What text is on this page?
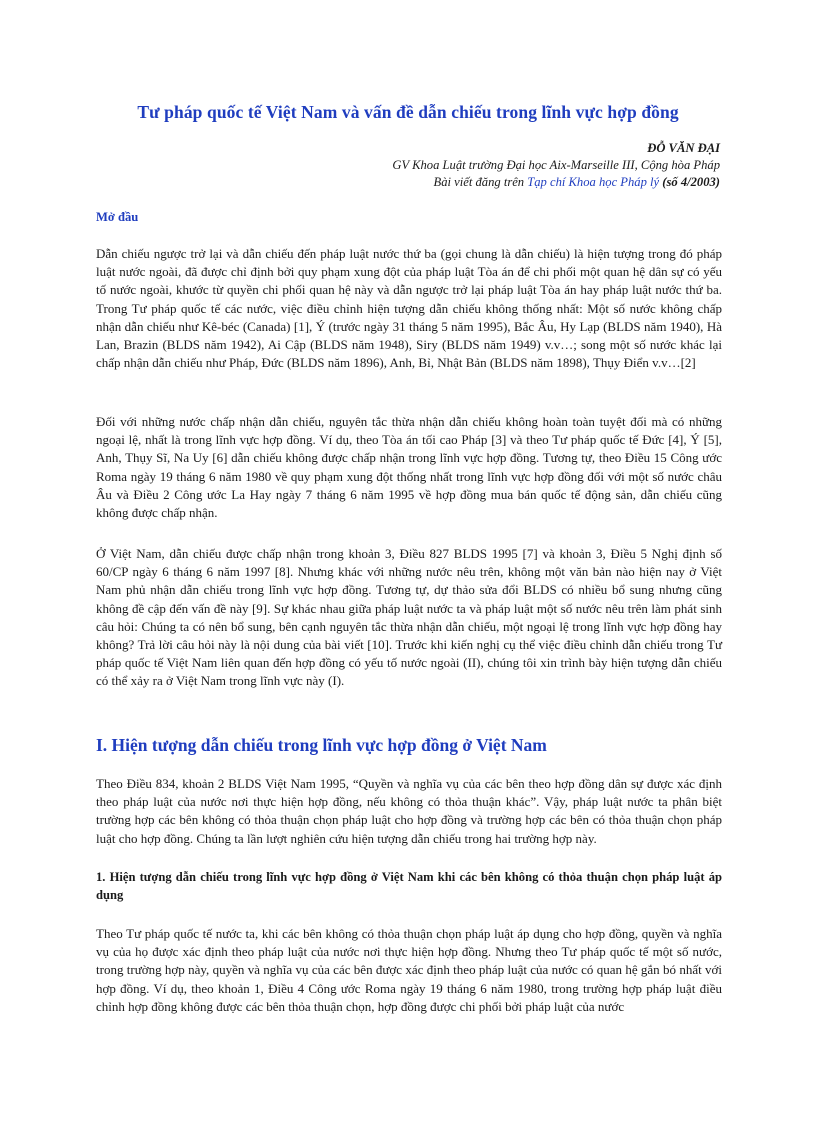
Tư pháp quốc tế Việt Nam và vấn đề dẫn chiếu trong lĩnh vực hợp đồng
ĐỖ VĂN ĐẠI
GV Khoa Luật trường Đại học Aix-Marseille III, Cộng hòa Pháp
Bài viết đăng trên Tạp chí Khoa học Pháp lý (số 4/2003)
Mở đầu

Dẫn chiếu ngược trở lại và dẫn chiếu đến pháp luật nước thứ ba (gọi chung là dẫn chiếu) là hiện tượng trong đó pháp luật nước ngoài, đã được chỉ định bởi quy phạm xung đột của pháp luật Tòa án để chi phối một quan hệ dân sự có yếu tố nước ngoài, khước từ quyền chi phối quan hệ này và dẫn ngược trở lại pháp luật Tòa án hay pháp luật nước thứ ba. Trong Tư pháp quốc tế các nước, việc điều chỉnh hiện tượng dẫn chiếu không thống nhất: Một số nước không chấp nhận dẫn chiếu như Kê-béc (Canada) [1], Ý (trước ngày 31 tháng 5 năm 1995), Bắc Âu, Hy Lạp (BLDS năm 1940), Hà Lan, Brazin (BLDS năm 1942), Ai Cập (BLDS năm 1948), Siry (BLDS năm 1949) v.v…; song một số nước khác lại chấp nhận dẫn chiếu như Pháp, Đức (BLDS năm 1896), Anh, Bỉ, Nhật Bản (BLDS năm 1898), Thụy Điển v.v…[2]

Đối với những nước chấp nhận dẫn chiếu, nguyên tắc thừa nhận dẫn chiếu không hoàn toàn tuyệt đối mà có những ngoại lệ, nhất là trong lĩnh vực hợp đồng. Ví dụ, theo Tòa án tối cao Pháp [3] và theo Tư pháp quốc tế Đức [4], Ý [5], Anh, Thụy Sĩ, Na Uy [6] dẫn chiếu không được chấp nhận trong lĩnh vực hợp đồng. Tương tự, theo Điều 15 Công ước Roma ngày 19 tháng 6 năm 1980 về quy phạm xung đột thống nhất trong lĩnh vực hợp đồng đối với một số nước châu Âu và Điều 2 Công ước La Hay ngày 7 tháng 6 năm 1995 về hợp đồng mua bán quốc tế động sản, dẫn chiếu cũng không được chấp nhận.

Ở Việt Nam, dẫn chiếu được chấp nhận trong khoản 3, Điều 827 BLDS 1995 [7] và khoản 3, Điều 5 Nghị định số 60/CP ngày 6 tháng 6 năm 1997 [8]. Nhưng khác với những nước nêu trên, không một văn bản nào hiện nay ở Việt Nam phủ nhận dẫn chiếu trong lĩnh vực hợp đồng. Tương tự, dự thảo sửa đổi BLDS có nhiều bổ sung nhưng cũng không đề cập đến vấn đề này [9]. Sự khác nhau giữa pháp luật nước ta và pháp luật một số nước nêu trên làm phát sinh câu hỏi: Chúng ta có nên bổ sung, bên cạnh nguyên tắc thừa nhận dẫn chiếu, một ngoại lệ trong lĩnh vực hợp đồng hay không? Trả lời câu hỏi này là nội dung của bài viết [10]. Trước khi kiến nghị cụ thể việc điều chỉnh dẫn chiếu trong Tư pháp quốc tế Việt Nam liên quan đến hợp đồng có yếu tố nước ngoài (II), chúng tôi xin trình bày hiện tượng dẫn chiếu có thể xảy ra ở Việt Nam trong lĩnh vực này (I).

I. Hiện tượng dẫn chiếu trong lĩnh vực hợp đồng ở Việt Nam

Theo Điều 834, khoản 2 BLDS Việt Nam 1995, “Quyền và nghĩa vụ của các bên theo hợp đồng dân sự được xác định theo pháp luật của nước nơi thực hiện hợp đồng, nếu không có thỏa thuận khác”. Vậy, pháp luật nước ta phân biệt trường hợp các bên không có thỏa thuận chọn pháp luật cho hợp đồng và trường hợp các bên có thỏa thuận chọn pháp luật cho hợp đồng. Chúng ta lần lượt nghiên cứu hiện tượng dẫn chiếu trong hai trường hợp này.

1. Hiện tượng dẫn chiếu trong lĩnh vực hợp đồng ở Việt Nam khi các bên không có thỏa thuận chọn pháp luật áp dụng

Theo Tư pháp quốc tế nước ta, khi các bên không có thỏa thuận chọn pháp luật áp dụng cho hợp đồng, quyền và nghĩa vụ của họ được xác định theo pháp luật của nước nơi thực hiện hợp đồng. Nhưng theo Tư pháp quốc tế một số nước, trong trường hợp này, quyền và nghĩa vụ của các bên được xác định theo pháp luật của nước có quan hệ gắn bó nhất với hợp đồng. Ví dụ, theo khoản 1, Điều 4 Công ước Roma ngày 19 tháng 6 năm 1980, trong trường hợp pháp luật điều chỉnh hợp đồng không được các bên thỏa thuận chọn, hợp đồng được chi phối bởi pháp luật của nước
